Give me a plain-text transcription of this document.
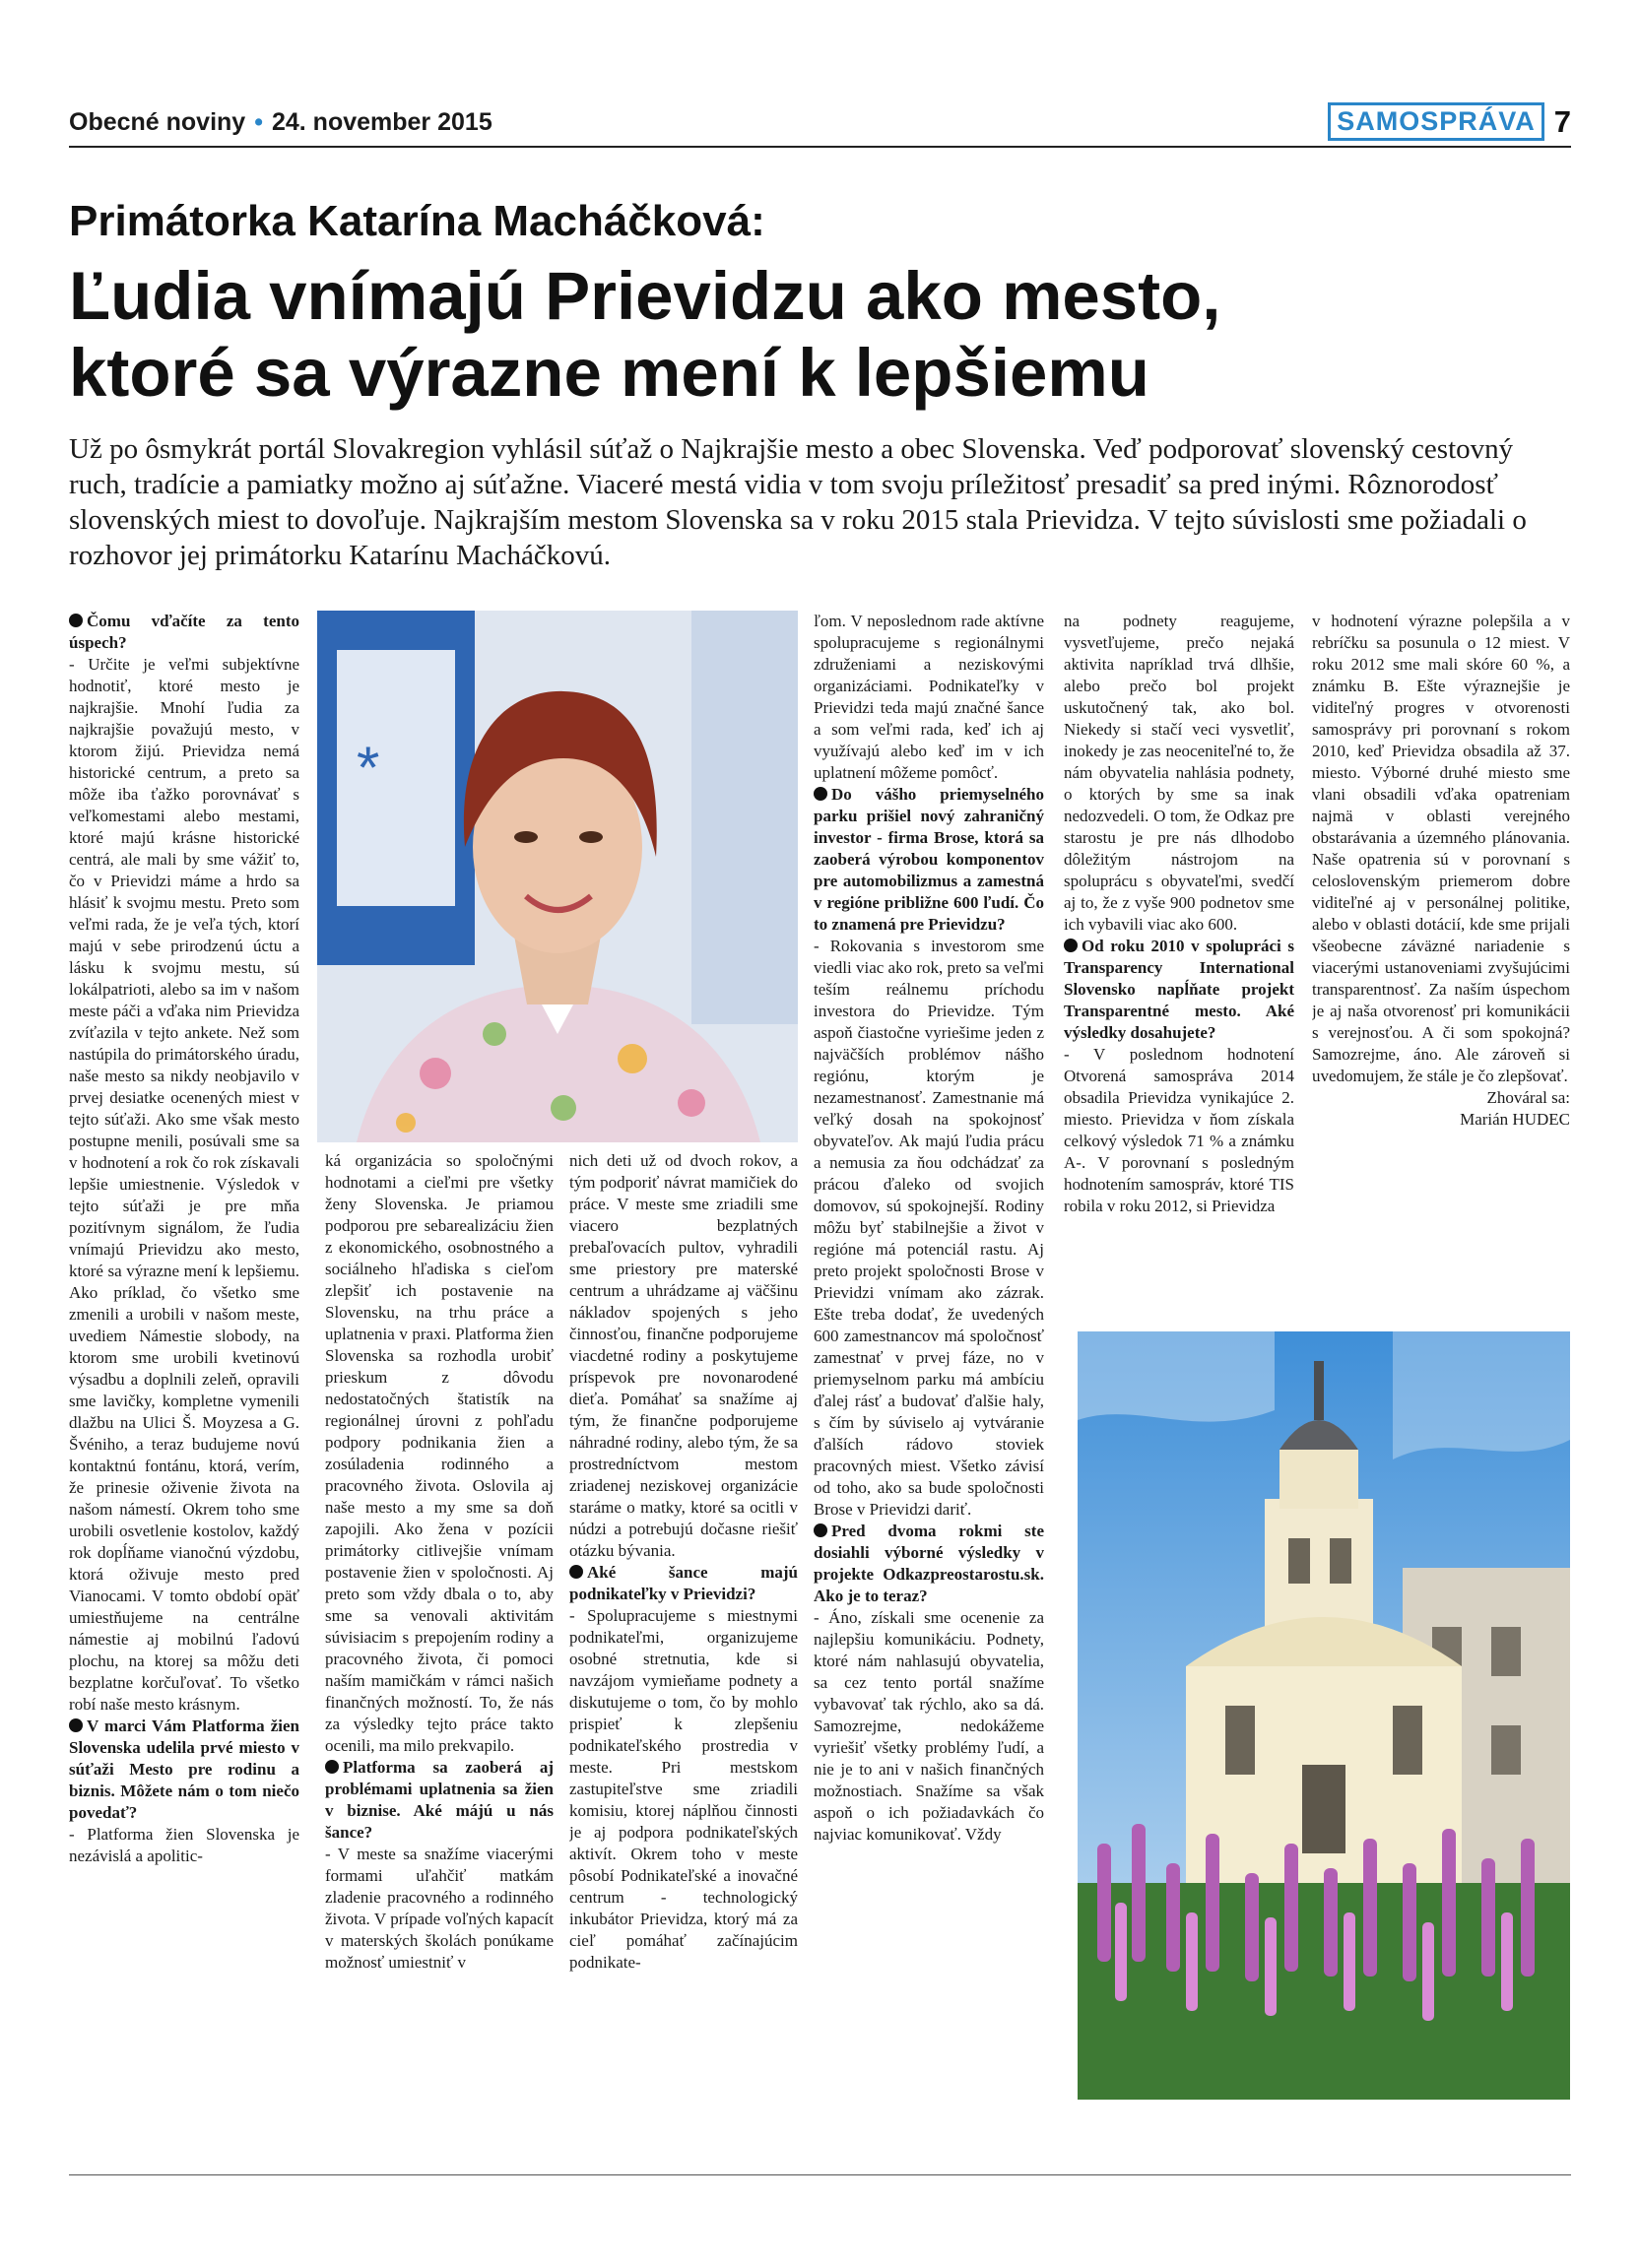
Obecné noviny • 24. november 2015	SAMOSPRÁVA 7
Primátorka Katarína Macháčková:
Ľudia vnímajú Prievidzu ako mesto,
ktoré sa výrazne mení k lepšiemu
Už po ôsmykrát portál Slovakregion vyhlásil súťaž o Najkrajšie mesto a obec Slovenska. Veď podporovať slovenský cestovný ruch, tradície a pamiatky možno aj súťažne. Viaceré mestá vidia v tom svoju príležitosť presadiť sa pred inými. Rôznorodosť slovenských miest to dovoľuje. Najkrajším mestom Slovenska sa v roku 2015 stala Prievidza. V tejto súvislosti sme požiadali o rozhovor jej primátorku Katarínu Macháčkovú.

Čomu vďačíte za tento úspech?

- Určite je veľmi subjektívne hodnotiť, ktoré mesto je najkrajšie. Mnohí ľudia za najkrajšie považujú mesto, v ktorom žijú. Prievidza nemá historické centrum, a preto sa môže iba ťažko porovnávať s veľkomestami alebo mestami, ktoré majú krásne historické centrá, ale mali by sme vážiť to, čo v Prievidzi máme a hrdo sa hlásiť k svojmu mestu. Preto som veľmi rada, že je veľa tých, ktorí majú v sebe prirodzenú úctu a lásku k svojmu mestu, sú lokálpatrioti, alebo sa im v našom meste páči a vďaka nim Prievidza zvíťazila v tejto ankete. Než som nastúpila do primátorského úradu, naše mesto sa nikdy neobjavilo v prvej desiatke ocenených miest v tejto súťaži. Ako sme však mesto postupne menili, posúvali sme sa v hodnotení a rok čo rok získavali lepšie umiestnenie. Výsledok v tejto súťaži je pre mňa pozitívnym signálom, že ľudia vnímajú Prievidzu ako mesto, ktoré sa výrazne mení k lepšiemu. Ako príklad, čo všetko sme zmenili a urobili v našom meste, uvediem Námestie slobody, na ktorom sme urobili kvetinovú výsadbu a doplnili zeleň, opravili sme lavičky, kompletne vymenili dlažbu na Ulici Š. Moyzesa a G. Švéniho, a teraz budujeme novú kontaktnú fontánu, ktorá, verím, že prinesie oživenie života na našom námestí. Okrem toho sme urobili osvetlenie kostolov, každý rok dopĺňame vianočnú výzdobu, ktorá oživuje mesto pred Vianocami. V tomto období opäť umiestňujeme na centrálne námestie aj mobilnú ľadovú plochu, na ktorej sa môžu deti bezplatne korčuľovať. To všetko robí naše mesto krásnym.

V marci Vám Platforma žien Slovenska udelila prvé miesto v súťaži Mesto pre rodinu a biznis. Môžete nám o tom niečo povedať?

- Platforma žien Slovenska je nezávislá a apolitic-

*

ká organizácia so spoločnými hodnotami a cieľmi pre všetky ženy Slovenska. Je priamou podporou pre sebarealizáciu žien z ekonomického, osobnostného a sociálneho hľadiska s cieľom zlepšiť ich postavenie na Slovensku, na trhu práce a uplatnenia v praxi. Platforma žien Slovenska sa rozhodla urobiť prieskum z dôvodu nedostatočných štatistík na regionálnej úrovni z pohľadu podpory podnikania žien a zosúladenia rodinného a pracovného života. Oslovila aj naše mesto a my sme sa doň zapojili. Ako žena v pozícii primátorky citlivejšie vnímam postavenie žien v spoločnosti. Aj preto som vždy dbala o to, aby sme sa venovali aktivitám súvisiacim s prepojením rodiny a pracovného života, či pomoci naším mamičkám v rámci našich finančných možností. To, že nás za výsledky tejto práce takto ocenili, ma milo prekvapilo.

Platforma sa zaoberá aj problémami uplatnenia sa žien v biznise. Aké májú u nás šance?

- V meste sa snažíme viacerými formami uľahčiť matkám zladenie pracovného a rodinného života. V prípade voľných kapacít v materských školách ponúkame možnosť umiestniť v

nich deti už od dvoch rokov, a tým podporiť návrat mamičiek do práce. V meste sme zriadili sme viacero bezplatných prebaľovacích pultov, vyhradili sme priestory pre materské centrum a uhrádzame aj väčšinu nákladov spojených s jeho činnosťou, finančne podporujeme viacdetné rodiny a poskytujeme príspevok pre novonarodené dieťa. Pomáhať sa snažíme aj tým, že finančne podporujeme náhradné rodiny, alebo tým, že sa prostredníctvom mestom zriadenej neziskovej organizácie staráme o matky, ktoré sa ocitli v núdzi a potrebujú dočasne riešiť otázku bývania.

Aké šance majú podnikateľky v Prievidzi?

- Spolupracujeme s miestnymi podnikateľmi, organizujeme osobné stretnutia, kde si navzájom vymieňame podnety a diskutujeme o tom, čo by mohlo prispieť k zlepšeniu podnikateľského prostredia v meste. Pri mestskom zastupiteľstve sme zriadili komisiu, ktorej náplňou činnosti je aj podpora podnikateľských aktivít. Okrem toho v meste pôsobí Podnikateľské a inovačné centrum - technologický inkubátor Prievidza, ktorý má za cieľ pomáhať začínajúcim podnikate-

ľom. V neposlednom rade aktívne spolupracujeme s regionálnymi združeniami a neziskovými organizáciami. Podnikateľky v Prievidzi teda majú značné šance a som veľmi rada, keď ich aj využívajú alebo keď im v ich uplatnení môžeme pomôcť.

Do vášho priemyselného parku prišiel nový zahraničný investor - firma Brose, ktorá sa zaoberá výrobou komponentov pre automobilizmus a zamestná v regióne približne 600 ľudí. Čo to znamená pre Prievidzu?

- Rokovania s investorom sme viedli viac ako rok, preto sa veľmi teším reálnemu príchodu investora do Prievidze. Tým aspoň čiastočne vyriešime jeden z najväčších problémov nášho regiónu, ktorým je nezamestnanosť. Zamestnanie má veľký dosah na spokojnosť obyvateľov. Ak majú ľudia prácu a nemusia za ňou odchádzať za prácou ďaleko od svojich domovov, sú spokojnejší. Rodiny môžu byť stabilnejšie a život v regióne má potenciál rastu. Aj preto projekt spoločnosti Brose v Prievidzi vnímam ako zázrak. Ešte treba dodať, že uvedených 600 zamestnancov má spoločnosť zamestnať v prvej fáze, no v priemyselnom parku má ambíciu ďalej rásť a budovať ďalšie haly, s čím by súviselo aj vytváranie ďalších rádovo stoviek pracovných miest. Všetko závisí od toho, ako sa bude spoločnosti Brose v Prievidzi dariť.

Pred dvoma rokmi ste dosiahli výborné výsledky v projekte Odkazpreostarostu.sk. Ako je to teraz?

- Áno, získali sme ocenenie za najlepšiu komunikáciu. Podnety, ktoré nám nahlasujú obyvatelia, sa cez tento portál snažíme vybavovať tak rýchlo, ako sa dá. Samozrejme, nedokážeme vyriešiť všetky problémy ľudí, a nie je to ani v našich finančných možnostiach. Snažíme sa však aspoň o ich požiadavkách čo najviac komunikovať. Vždy

na podnety reagujeme, vysvetľujeme, prečo nejaká aktivita napríklad trvá dlhšie, alebo prečo bol projekt uskutočnený tak, ako bol. Niekedy si stačí veci vysvetliť, inokedy je zas neoceniteľné to, že nám obyvatelia nahlásia podnety, o ktorých by sme sa inak nedozvedeli. O tom, že Odkaz pre starostu je pre nás dlhodobo dôležitým nástrojom na spoluprácu s obyvateľmi, svedčí aj to, že z vyše 900 podnetov sme ich vybavili viac ako 600.

Od roku 2010 v spolupráci s Transparency International Slovensko napĺňate projekt Transparentné mesto. Aké výsledky dosahujete?

- V poslednom hodnotení Otvorená samospráva 2014 obsadila Prievidza vynikajúce 2. miesto. Prievidza v ňom získala celkový výsledok 71 % a známku A-. V porovnaní s posledným hodnotením samospráv, ktoré TIS robila v roku 2012, si Prievidza

v hodnotení výrazne polepšila a v rebríčku sa posunula o 12 miest. V roku 2012 sme mali skóre 60 %, a známku B. Ešte výraznejšie je viditeľný progres v otvorenosti samosprávy pri porovnaní s rokom 2010, keď Prievidza obsadila až 37. miesto. Výborné druhé miesto sme vlani obsadili vďaka opatreniam najmä v oblasti verejného obstarávania a územného plánovania. Naše opatrenia sú v porovnaní s celoslovenským priemerom dobre viditeľné aj v personálnej politike, alebo v oblasti dotácií, kde sme prijali všeobecne záväzné nariadenie s viacerými ustanoveniami zvyšujúcimi transparentnosť. Za naším úspechom je aj naša otvorenosť pri komunikácii s verejnosťou. A či som spokojná? Samozrejme, áno. Ale zároveň si uvedomujem, že stále je čo zlepšovať.

Zhováral sa:
Marián HUDEC
